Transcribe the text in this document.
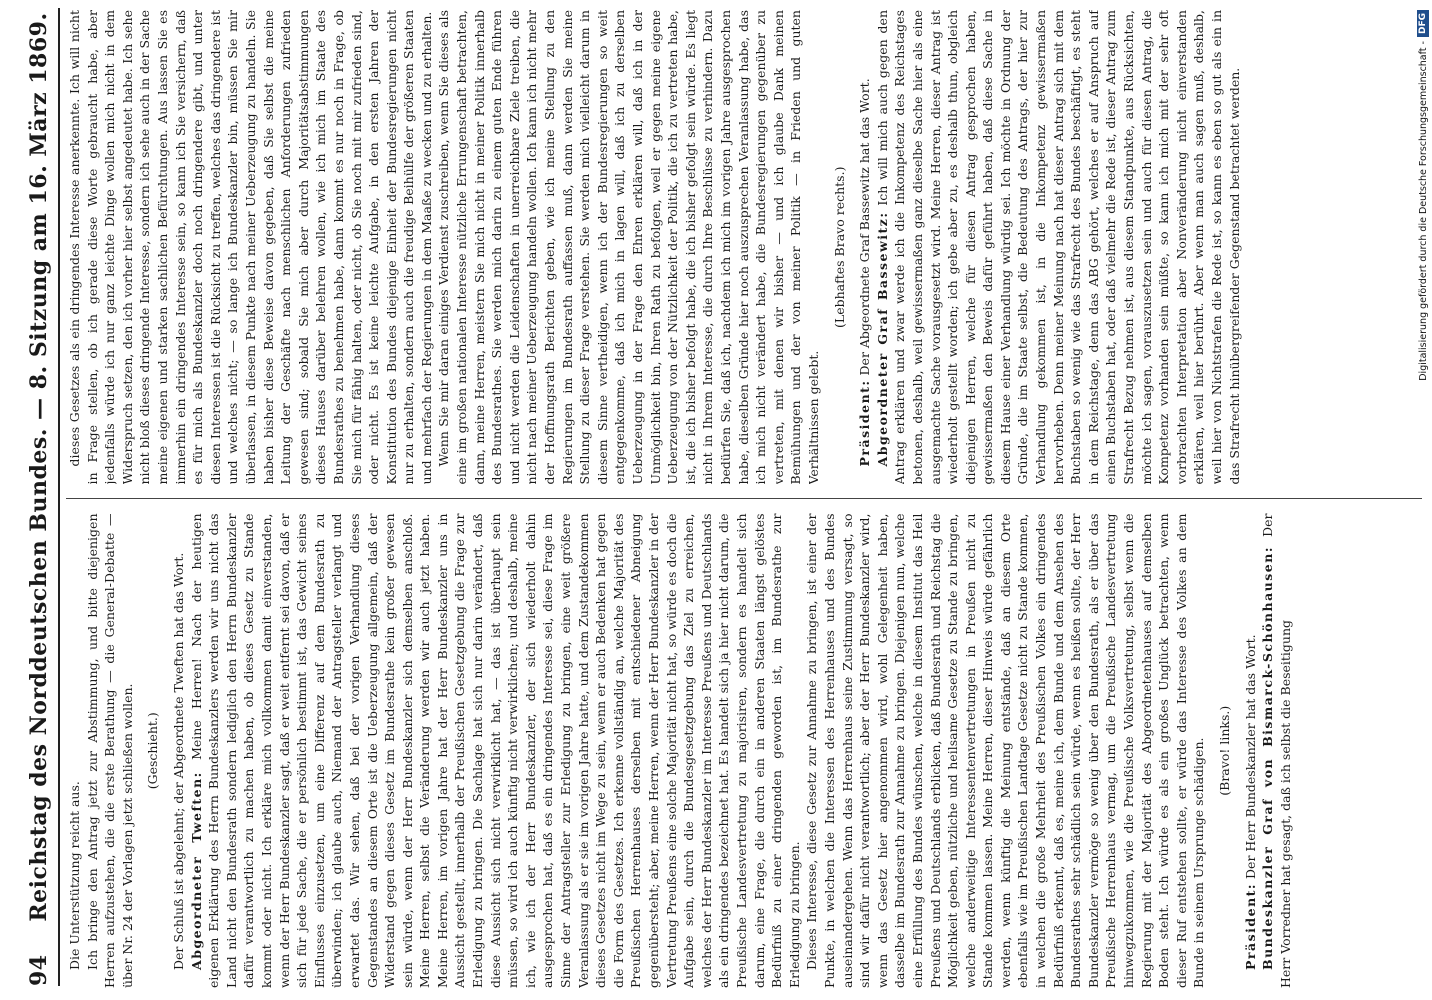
94
Reichstag des Norddeutschen Bundes. — 8. Sitzung am 16. März 1869. Die Unterstützung reicht aus. Ich bringe den Antrag jetzt zur Abstimmung, und bitte diejenigen Herren aufzustehen, die die erste Berathung — die General-Debatte — über Nr. 24 der Vorlagen jetzt schließen wollen. (Geschieht.) Der Schluß ist abgelehnt; der Abgeordnete Tweften hat das Wort. Abgeordneter Tweften: Meine Herren! Nach der heutigen eigenen Erklärung des Herrn Bundeskanzlers werden wir uns nicht das Land nicht den Bundesrath sondern lediglich den Herrn Bundeskanzler dafür verantwortlich zu machen haben, ob dieses Gesetz zu Stande kommt oder nicht. Ich erkläre mich vollkommen damit einverstanden, wenn der Herr Bundeskanzler sagt, daß er weit entfernt sei davon, daß er sich für jede Sache, die er persönlich bestimmt ist, das Gewicht seines Einflusses einzusetzen, um eine Differenz auf dem Bundesrath zu überwinden; ich glaube auch, Niemand der Antragsteller verlangt und erwartet das. Wir sehen, daß bei der vorigen Verhandlung dieses Gegenstandes an diesem Orte ist die Ueberzeugung allgemein, daß der Widerstand gegen dieses Gesetz im Bundesrathe kein großer gewesen sein würde, wenn der Herr Bundeskanzler sich demselben anschloß. Meine Herren, selbst die Veränderung werden wir auch jetzt haben. Meine Herren, im vorigen Jahre hat der Herr Bundeskanzler uns in Aussicht gestellt, innerhalb der Preußischen Gesetzgebung die Frage zur Erledigung zu bringen. Die Sachlage hat sich nur darin verändert, daß diese Aussicht sich nicht verwirklicht hat, — das ist überhaupt sein müssen, so wird ich auch künftig nicht verwirklichen; und deshalb, meine ich, wie ich der Herr Bundeskanzler, der sich wiederholt dahin ausgesprochen hat, daß es ein dringendes Interesse sei, diese Frage im Sinne der Antragsteller zur Erledigung zu bringen, eine weit größere Veranlassung als er sie im vorigen Jahre hatte, und dem Zustandekommen dieses Gesetzes nicht im Wege zu sein, wenn er auch Bedenken hat gegen die Form des Gesetzes. Ich erkenne vollständig an, welche Majorität des Preußischen Herrenhauses derselben mit entschiedener Abneigung gegenübersteht; aber, meine Herren, wenn der Herr Bundeskanzler in der Vertretung Preußens eine solche Majorität nicht hat, so würde es doch die Aufgabe sein, durch die Bundesgesetzgebung das Ziel zu erreichen, welches der Herr Bundeskanzler im Interesse Preußens und Deutschlands als ein dringendes bezeichnet hat. Es handelt sich ja hier nicht darum, die Preußische Landesvertretung zu majorisiren, sondern es handelt sich darum, eine Frage, die durch ein in anderen Staaten längst gelöstes Bedürfniß zu einer dringenden geworden ist, im Bundesrathe zur Erledigung zu bringen. Dieses Interesse, diese Gesetz zur Annahme zu bringen, ist einer der Punkte, in welchen die Interessen des Herrenhauses und des Bundes auseinandergehen. Wenn das Herrenhaus seine Zustimmung versagt, so sind wir dafür nicht verantwortlich; aber der Herr Bundeskanzler wird, wenn das Gesetz hier angenommen wird, wohl Gelegenheit haben, dasselbe im Bundesrath zur Annahme zu bringen. Diejenigen nun, welche eine Erfüllung des Bundes wünschen, welche in diesem Institut das Heil Preußens und Deutschlands erblicken, daß Bundesrath und Reichstag die Möglichkeit geben, nützliche und heilsame Gesetze zu Stande zu bringen, welche anderweitige Interessentenvertretungen in Preußen nicht zu Stande kommen lassen. Meine Herren, dieser Hinweis würde gefährlich werden, wenn künftig die Meinung entstände, daß an diesem Orte ebenfalls wie im Preußischen Landtage Gesetze nicht zu Stande kommen, in welchen die große Mehrheit des Preußischen Volkes ein dringendes Bedürfniß erkennt, daß es, meine ich, dem Bunde und dem Ansehen des Bundesrathes sehr schädlich sein würde, wenn es heißen sollte, der Herr Bundeskanzler vermöge so wenig über den Bundesrath, als er über das Preußische Herrenhaus vermag, um die Preußische Landesvertretung hinwegzukommen, wie die Preußische Volksvertretung, selbst wenn die Regierung mit der Majorität des Abgeordnetenhauses auf demselben Boden steht. Ich würde es als ein großes Unglück betrachten, wenn dieser Ruf entstehen sollte, er würde das Interesse des Volkes an dem Bunde in seinem Ursprunge schädigen. (Bravo! links.)

Präsident: Der Herr Bundeskanzler hat das Wort. Bundeskanzler Graf von Bismarck-Schönhausen: Der Herr Vorredner hat gesagt, daß ich selbst die Beseitigung

dieses Gesetzes als ein dringendes Interesse anerkennte. Ich will nicht in Frage stellen, ob ich gerade diese Worte gebraucht habe, aber jedenfalls würde ich nur ganz leichte Dinge wollen mich nicht in dem Widerspruch setzen, den ich vorher hier selbst angedeutet habe. Ich sehe nicht bloß dieses dringende Interesse, sondern ich sehe auch in der Sache meine eigenen und starken sachlichen Befürchtungen. Aus lassen Sie es immerhin ein dringendes Interesse sein, so kann ich Sie versichern, daß es für mich als Bundeskanzler doch noch dringendere gibt, und unter diesen Interessen ist die Rücksicht zu treffen, welches das dringendere ist und welches nicht; — so lange ich Bundeskanzler bin, müssen Sie mir überlassen, in diesem Punkte nach meiner Ueberzeugung zu handeln. Sie haben bisher diese Beweise davon gegeben, daß Sie selbst die meine Leitung der Geschäfte nach menschlichen Anforderungen zufrieden gewesen sind; sobald Sie mich aber durch Majoritätsabstimmungen dieses Hauses darüber belehren wollen, wie ich mich im Staate des Bundesrathes zu benehmen habe, dann kommt es nur noch in Frage, ob Sie mich für fähig halten, oder nicht, ob Sie noch mit mir zufrieden sind, oder nicht. Es ist keine leichte Aufgabe, in den ersten Jahren der Konstitution des Bundes diejenige Einheit der Bundesregierungen nicht nur zu erhalten, sondern auch die freudige Beihülfe der größeren Staaten und mehrfach der Regierungen in dem Maaße zu wecken und zu erhalten. Wenn Sie mir daran einiges Verdienst zuschreiben, wenn Sie dieses als eine im großen nationalen Interesse nützliche Errungenschaft betrachten, dann, meine Herren, meistern Sie mich nicht in meiner Politik innerhalb des Bundesrathes. Sie werden mich darin zu einem guten Ende führen und nicht werden die Leidenschaften in unerreichbare Ziele treiben, die nicht nach meiner Ueberzeugung handeln wollen. Ich kann ich nicht mehr der Hoffnungsrath Berichten geben, wie ich meine Stellung zu den Regierungen im Bundesrath auffassen muß, dann werden Sie meine Stellung zu dieser Frage verstehen. Sie werden mich vielleicht darum in diesem Sinne vertheidigen, wenn ich der Bundesregierungen so weit entgegenkomme, daß ich mich in lagen will, daß ich zu derselben Ueberzeugung in der Frage den Ehren erklären will, daß ich in der Unmöglichkeit bin, Ihren Rath zu befolgen, weil er gegen meine eigene Ueberzeugung von der Nützlichkeit der Politik, die ich zu vertreten habe, ist, die ich bisher befolgt habe, die ich bisher gefolgt sein würde. Es liegt nicht in Ihrem Interesse, die durch Ihre Beschlüsse zu verhindern. Dazu bedürfen Sie, daß ich, nachdem ich mich im vorigen Jahre ausgesprochen habe, dieselben Gründe hier noch auszusprechen Veranlassung habe, das ich mich nicht verändert habe, die Bundesregierungen gegenüber zu vertreten, mit denen wir bisher — und ich glaube Dank meinen Bemühungen und der von meiner Politik — in Frieden und guten Verhältnissen gelebt.

(Lebhaftes Bravo rechts.)

Präsident: Der Abgeordnete Graf Bassewitz hat das Wort. Abgeordneter Graf Bassewitz: Ich will mich auch gegen den Antrag erklären und zwar werde ich die Inkompetenz des Reichstages betonen, deshalb, weil gewissermaßen ganz dieselbe Sache hier als eine ausgemachte Sache vorausgesetzt wird. Meine Herren, dieser Antrag ist wiederholt gestellt worden; ich gebe aber zu, es deshalb thun, obgleich diejenigen Herren, welche für diesen Antrag gesprochen haben, gewissermaßen den Beweis dafür geführt haben, daß diese Sache in diesem Hause einer Verhandlung würdig sei. Ich möchte in Ordnung der Gründe, die im Staate selbst, die Bedeutung des Antrags, der hier zur Verhandlung gekommen ist, in die Inkompetenz gewissermaßen hervorheben. Denn meiner Meinung nach hat dieser Antrag sich mit dem Buchstaben so wenig wie das Strafrecht des Bundes beschäftigt, es steht in dem Reichstage, denn das ABG gehört, welches er auf Anspruch auf einen Buchstaben hat, oder daß vielmehr die Rede ist, dieser Antrag zum Strafrecht Bezug nehmen ist, aus diesem Standpunkte, aus Rücksichten, möchte ich sagen, vorauszusetzen sein und auch für diesen Antrag, die Kompetenz vorhanden sein müßte, so kann ich mich mit der sehr oft vorbrachten Interpretation aber Nonveränderung nicht einverstanden erklären, weil hier berührt. Aber wenn man auch sagen muß, deshalb, weil hier von Nichtstrafen die Rede ist, so kann es eben so gut als ein in das Strafrecht hinübergreifender Gegenstand betrachtet werden.	Digitalisierung gefördert durch die Deutsche Forschungsgemeinschaft -
DFG
